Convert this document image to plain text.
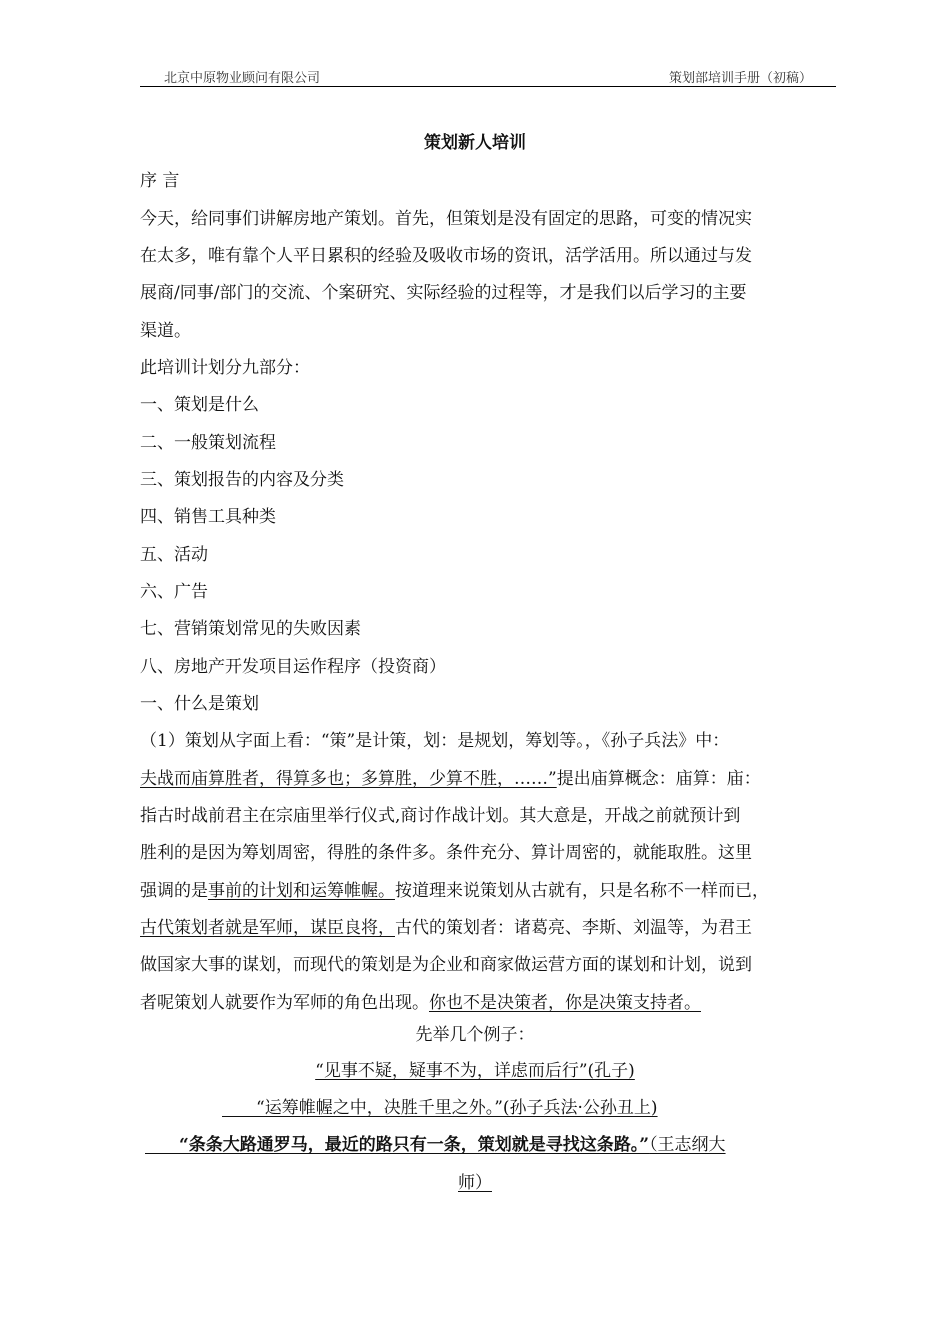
北京中原物业顾问有限公司	策划部培训手册（初稿）
策划新人培训
序 言
今天，给同事们讲解房地产策划。首先，但策划是没有固定的思路，可变的情况实
在太多，唯有靠个人平日累积的经验及吸收市场的资讯，活学活用。所以通过与发
展商/同事/部门的交流、个案研究、实际经验的过程等，才是我们以后学习的主要
渠道。
此培训计划分九部分：
一、策划是什么
二、一般策划流程
三、策划报告的内容及分类
四、销售工具种类
五、活动
六、广告
七、营销策划常见的失败因素
八、房地产开发项目运作程序（投资商）
一、什么是策划
（1）策划从字面上看：“策”是计策，划：是规划，筹划等。，《孙子兵法》中：
夫战而庙算胜者，得算多也；多算胜，少算不胜，……”提出庙算概念：庙算：庙：
指古时战前君主在宗庙里举行仪式,商讨作战计划。其大意是，开战之前就预计到
胜利的是因为筹划周密，得胜的条件多。条件充分、算计周密的，就能取胜。这里
强调的是事前的计划和运筹帷幄。按道理来说策划从古就有，只是名称不一样而已，
古代策划者就是军师，谋臣良将，古代的策划者：诸葛亮、李斯、刘温等，为君王
做国家大事的谋划，而现代的策划是为企业和商家做运营方面的谋划和计划，说到
者呢策划人就要作为军师的角色出现。你也不是决策者，你是决策支持者。
先举几个例子：
“见事不疑，疑事不为，详虑而后行”(孔子)
　　“运筹帷幄之中，决胜千里之外。”(孙子兵法·公孙丑上)
　　“条条大路通罗马，最近的路只有一条，策划就是寻找这条路。”（王志纲大
师）
